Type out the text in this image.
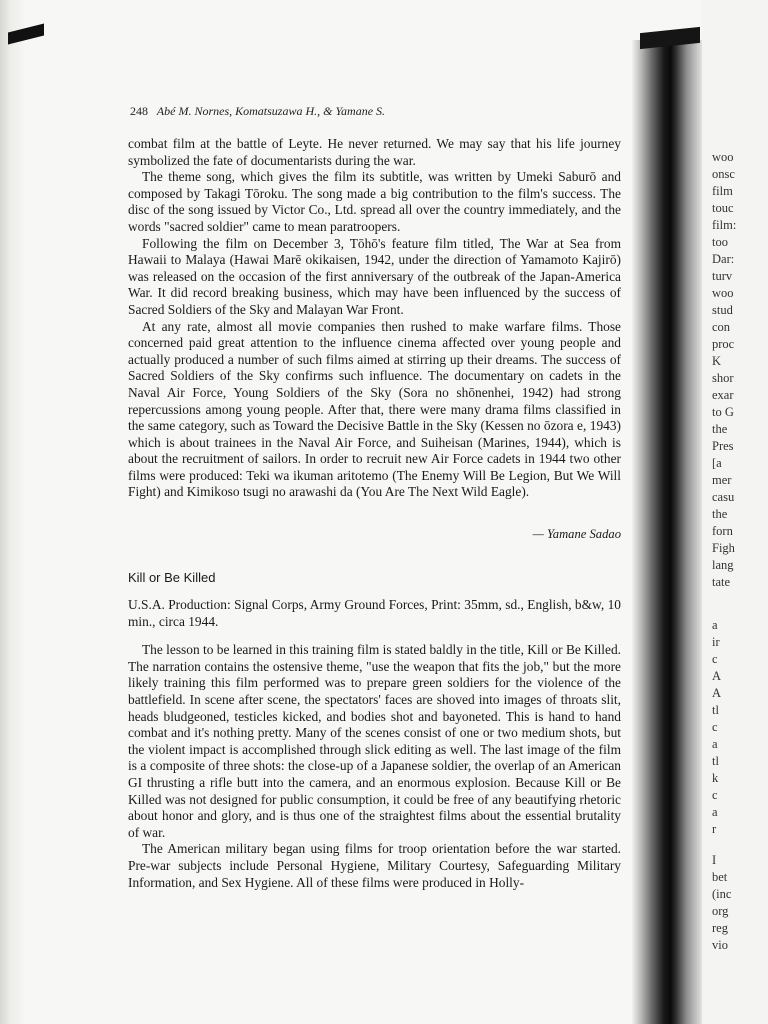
woo
onsc
film
touc
film:
too
Dar:
turv
woo
stud
con
proc
K
shor
exar
to G
the
Pres
[a
mer
casu
the
forn
Figh
lang
tate
a
ir
c
A
A
tl
c
a
tl
k
c
a
r
I
bet
(inc
org
reg
vio
248 Abé M. Nornes, Komatsuzawa H., & Yamane S.

combat film at the battle of Leyte. He never returned. We may say that his life journey symbolized the fate of documentarists during the war.

The theme song, which gives the film its subtitle, was written by Umeki Saburō and composed by Takagi Tōroku. The song made a big contribution to the film's success. The disc of the song issued by Victor Co., Ltd. spread all over the country immediately, and the words "sacred soldier" came to mean paratroopers.

Following the film on December 3, Tōhō's feature film titled, The War at Sea from Hawaii to Malaya (Hawai Marē okikaisen, 1942, under the direction of Yamamoto Kajirō) was released on the occasion of the first anniversary of the outbreak of the Japan-America War. It did record breaking business, which may have been influenced by the success of Sacred Soldiers of the Sky and Malayan War Front.

At any rate, almost all movie companies then rushed to make warfare films. Those concerned paid great attention to the influence cinema affected over young people and actually produced a number of such films aimed at stirring up their dreams. The success of Sacred Soldiers of the Sky confirms such influence. The documentary on cadets in the Naval Air Force, Young Soldiers of the Sky (Sora no shōnenhei, 1942) had strong repercussions among young people. After that, there were many drama films classified in the same category, such as Toward the Decisive Battle in the Sky (Kessen no ōzora e, 1943) which is about trainees in the Naval Air Force, and Suiheisan (Marines, 1944), which is about the recruitment of sailors. In order to recruit new Air Force cadets in 1944 two other films were produced: Teki wa ikuman aritotemo (The Enemy Will Be Legion, But We Will Fight) and Kimikoso tsugi no arawashi da (You Are The Next Wild Eagle).

— Yamane Sadao
Kill or Be Killed

U.S.A. Production: Signal Corps, Army Ground Forces, Print: 35mm, sd., English, b&w, 10 min., circa 1944.

The lesson to be learned in this training film is stated baldly in the title, Kill or Be Killed. The narration contains the ostensive theme, "use the weapon that fits the job," but the more likely training this film performed was to prepare green soldiers for the violence of the battlefield. In scene after scene, the spectators' faces are shoved into images of throats slit, heads bludgeoned, testicles kicked, and bodies shot and bayoneted. This is hand to hand combat and it's nothing pretty. Many of the scenes consist of one or two medium shots, but the violent impact is accomplished through slick editing as well. The last image of the film is a composite of three shots: the close-up of a Japanese soldier, the overlap of an American GI thrusting a rifle butt into the camera, and an enormous explosion. Because Kill or Be Killed was not designed for public consumption, it could be free of any beautifying rhetoric about honor and glory, and is thus one of the straightest films about the essential brutality of war.

The American military began using films for troop orientation before the war started. Pre-war subjects include Personal Hygiene, Military Courtesy, Safeguarding Military Information, and Sex Hygiene. All of these films were produced in Holly-
